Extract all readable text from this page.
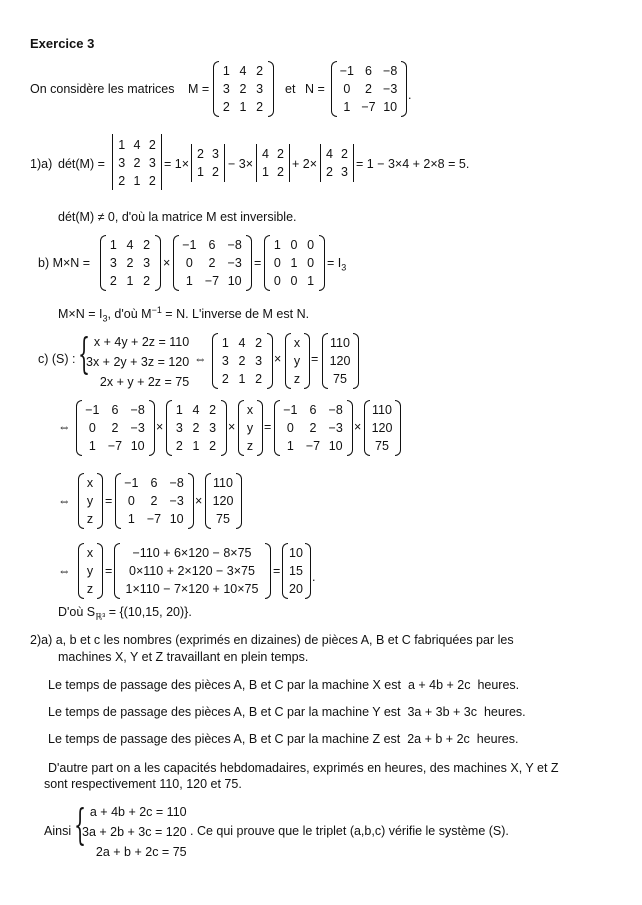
Exercice 3
On considère les matrices M =
1 4 2
3 2 3
2 1 2
et N =
−1 6 −8
0 2 −3
1 −7 10
.
1)a) dét(M) =
1 4 2
3 2 3
2 1 2
= 1×
2 3
1 2
− 3×
4 2
1 2
+ 2×
4 2
2 3
= 1 − 3×4 + 2×8 = 5.
dét(M) ≠ 0, d'où la matrice M est inversible.
b) M×N =
1 4 2
3 2 3
2 1 2
×
−1 6 −8
0 2 −3
1 −7 10
=
1 0 0
0 1 0
0 0 1
= $I_3$
$M\times N = I_3$, d'où $M^{-1} = N$. L'inverse de M est N.
c) (S) : { x + 4y + 2z = 110
3x + 2y + 3z = 120
2x + y + 2z = 75
⇔
1 4 2
3 2 3
2 1 2
×
x
y
z
=
110
120
75
⇔
−1 6 −8
0 2 −3
1 −7 10
×
1 4 2
3 2 3
2 1 2
×
x
y
z
=
−1 6 −8
0 2 −3
1 −7 10
×
110
120
75
⇔
x
y
z
=
−1 6 −8
0 2 −3
1 −7 10
×
110
120
75
⇔
x
y
z
=
−110 + 6×120 − 8×75
0×110 + 2×120 − 3×75
1×110 − 7×120 + 10×75
=
10
15
20
.
D'où $S_{ℝ^3} = \{(10,15$, 20)}.
2)a) a, b et c les nombres (exprimés en dizaines) de pièces A, B et C fabriquées par les
machines X, Y et Z travaillant en plein temps.
Le temps de passage des pièces A, B et C par la machine X est a + 4b + 2c heures.
Le temps de passage des pièces A, B et C par la machine Y est 3a + 3b + 3c heures.
Le temps de passage des pièces A, B et C par la machine Z est 2a + b + 2c heures.
D'autre part on a les capacités hebdomadaires, exprimés en heures, des machines X, Y et Z
sont respectivement 110, 120 et 75.
Ainsi { a + 4b + 2c = 110
3a + 2b + 3c = 120
2a + b + 2c = 75
. Ce qui prouve que le triplet (a,b,c) vérifie le système (S).
